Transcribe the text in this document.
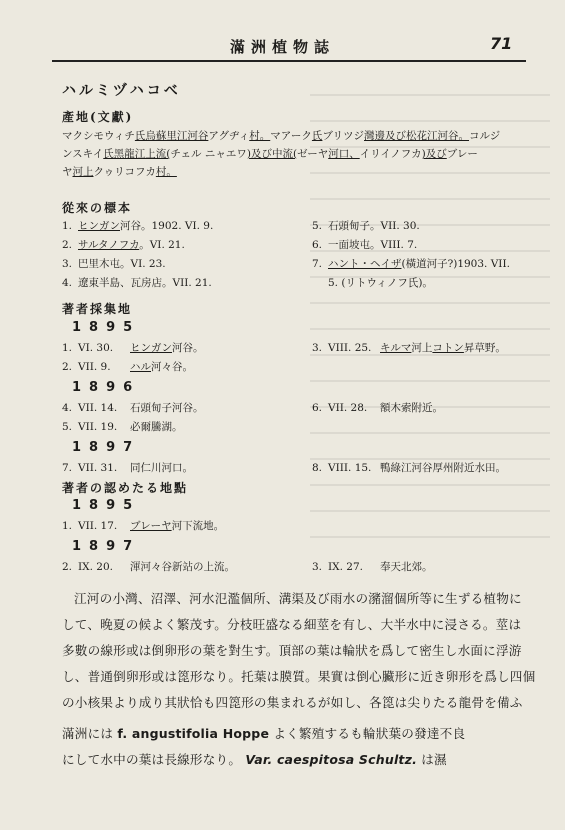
滿洲植物誌	71
ハルミヅハコベ
產地(文獻)
マクシモウィチ氏烏蘇里江河谷アグヂィ村。マアーク氏ブリツジ灣邊及び松花江河谷。コルジ
ンスキイ氏黑龍江上流(チェル ニャエワ)及び中流(ゼーヤ河口、イリイノフカ)及びブレー
ヤ河上クゥリコフカ村。
從來の標本
1. ヒンガン河谷。1902. VI. 9.
2. サルタノフカ。VI. 21.
3. 巴里木屯。VI. 23.
4. 遼東半島、瓦房店。VII. 21.
5. 石頭甸子。VII. 30.
6. 一面坡屯。VIII. 7.
7. ハント・ヘイザ(橫道河子?)1903. VII.
5. (リトウィノフ氏)。
著者採集地
1895
1. VI. 30. ヒンガン河谷。
2. VII. 9. ハル河々谷。
3. VIII. 25. キルマ河上コトン昇草野。
1896
4. VII. 14. 石頭甸子河谷。
5. VII. 19. 必爾騰湖。
6. VII. 28. 額木索附近。
1897
7. VII. 31. 同仁川河口。	8. VIII. 15. 鴨綠江河谷厚州附近水田。
著者の認めたる地點
1895
1. VII. 17. ブレーヤ河下流地。
1897
2. IX. 20. 渾河々谷新站の上流。	3. IX. 27. 奉天北郊。
江河の小灣、沼澤、河水氾濫個所、溝渠及び雨水の瀦溜個所等に生ずる植物に
して、晚夏の候よく繁茂す。分枝旺盛なる細莖を有し、大半水中に浸さる。莖は
多數の線形或は倒卵形の葉を對生す。頂部の葉は輪狀を爲して密生し水面に浮游
し、普通倒卵形或は箆形なり。托葉は膜質。果實は倒心臟形に近き卵形を爲し四個
の小核果より成り其狀恰も四箆形の集まれるが如し、各箆は尖りたる龍骨を備ふ
滿洲には f. angustifolia Hoppe よく繁殖するも輪狀葉の發達不良
にして水中の葉は長線形なり。 Var. caespitosa Schultz. は濕
